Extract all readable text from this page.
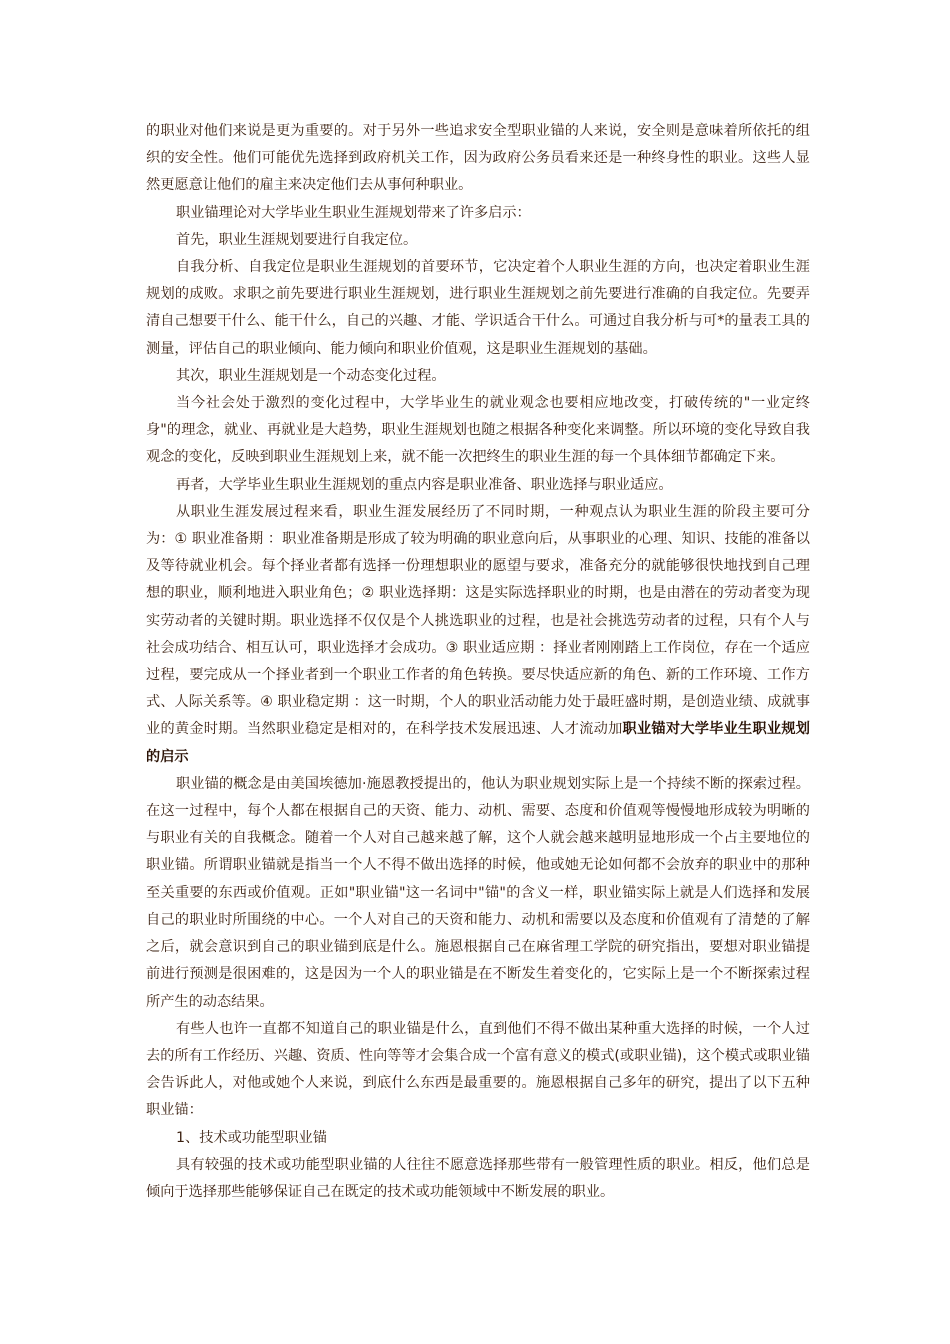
的职业对他们来说是更为重要的。对于另外一些追求安全型职业锚的人来说，安全则是意味着所依托的组织的安全性。他们可能优先选择到政府机关工作，因为政府公务员看来还是一种终身性的职业。这些人显然更愿意让他们的雇主来决定他们去从事何种职业。

职业锚理论对大学毕业生职业生涯规划带来了许多启示：

首先，职业生涯规划要进行自我定位。

自我分析、自我定位是职业生涯规划的首要环节，它决定着个人职业生涯的方向，也决定着职业生涯规划的成败。求职之前先要进行职业生涯规划，进行职业生涯规划之前先要进行准确的自我定位。先要弄清自己想要干什么、能干什么，自己的兴趣、才能、学识适合干什么。可通过自我分析与可*的量表工具的测量，评估自己的职业倾向、能力倾向和职业价值观，这是职业生涯规划的基础。

其次，职业生涯规划是一个动态变化过程。

当今社会处于激烈的变化过程中，大学毕业生的就业观念也要相应地改变，打破传统的"一业定终身"的理念，就业、再就业是大趋势，职业生涯规划也随之根据各种变化来调整。所以环境的变化导致自我观念的变化，反映到职业生涯规划上来，就不能一次把终生的职业生涯的每一个具体细节都确定下来。

再者，大学毕业生职业生涯规划的重点内容是职业准备、职业选择与职业适应。

从职业生涯发展过程来看，职业生涯发展经历了不同时期，一种观点认为职业生涯的阶段主要可分为：① 职业准备期 ：职业准备期是形成了较为明确的职业意向后，从事职业的心理、知识、技能的准备以及等待就业机会。每个择业者都有选择一份理想职业的愿望与要求，准备充分的就能够很快地找到自己理想的职业，顺利地进入职业角色；② 职业选择期：这是实际选择职业的时期，也是由潜在的劳动者变为现实劳动者的关键时期。职业选择不仅仅是个人挑选职业的过程，也是社会挑选劳动者的过程，只有个人与社会成功结合、相互认可，职业选择才会成功。③ 职业适应期 ：择业者刚刚踏上工作岗位，存在一个适应过程，要完成从一个择业者到一个职业工作者的角色转换。要尽快适应新的角色、新的工作环境、工作方式、人际关系等。④ 职业稳定期 ：这一时期，个人的职业活动能力处于最旺盛时期，是创造业绩、成就事业的黄金时期。当然职业稳定是相对的，在科学技术发展迅速、人才流动加职业锚对大学毕业生职业规划的启示

职业锚的概念是由美国埃德加·施恩教授提出的，他认为职业规划实际上是一个持续不断的探索过程。在这一过程中，每个人都在根据自己的天资、能力、动机、需要、态度和价值观等慢慢地形成较为明晰的与职业有关的自我概念。随着一个人对自己越来越了解，这个人就会越来越明显地形成一个占主要地位的职业锚。所谓职业锚就是指当一个人不得不做出选择的时候，他或她无论如何都不会放弃的职业中的那种至关重要的东西或价值观。正如"职业锚"这一名词中"锚"的含义一样，职业锚实际上就是人们选择和发展自己的职业时所围绕的中心。一个人对自己的天资和能力、动机和需要以及态度和价值观有了清楚的了解之后，就会意识到自己的职业锚到底是什么。施恩根据自己在麻省理工学院的研究指出，要想对职业锚提前进行预测是很困难的，这是因为一个人的职业锚是在不断发生着变化的，它实际上是一个不断探索过程所产生的动态结果。

有些人也许一直都不知道自己的职业锚是什么，直到他们不得不做出某种重大选择的时候，一个人过去的所有工作经历、兴趣、资质、性向等等才会集合成一个富有意义的模式(或职业锚)，这个模式或职业锚会告诉此人，对他或她个人来说，到底什么东西是最重要的。施恩根据自己多年的研究，提出了以下五种职业锚：

1、技术或功能型职业锚

具有较强的技术或功能型职业锚的人往往不愿意选择那些带有一般管理性质的职业。相反，他们总是倾向于选择那些能够保证自己在既定的技术或功能领域中不断发展的职业。
